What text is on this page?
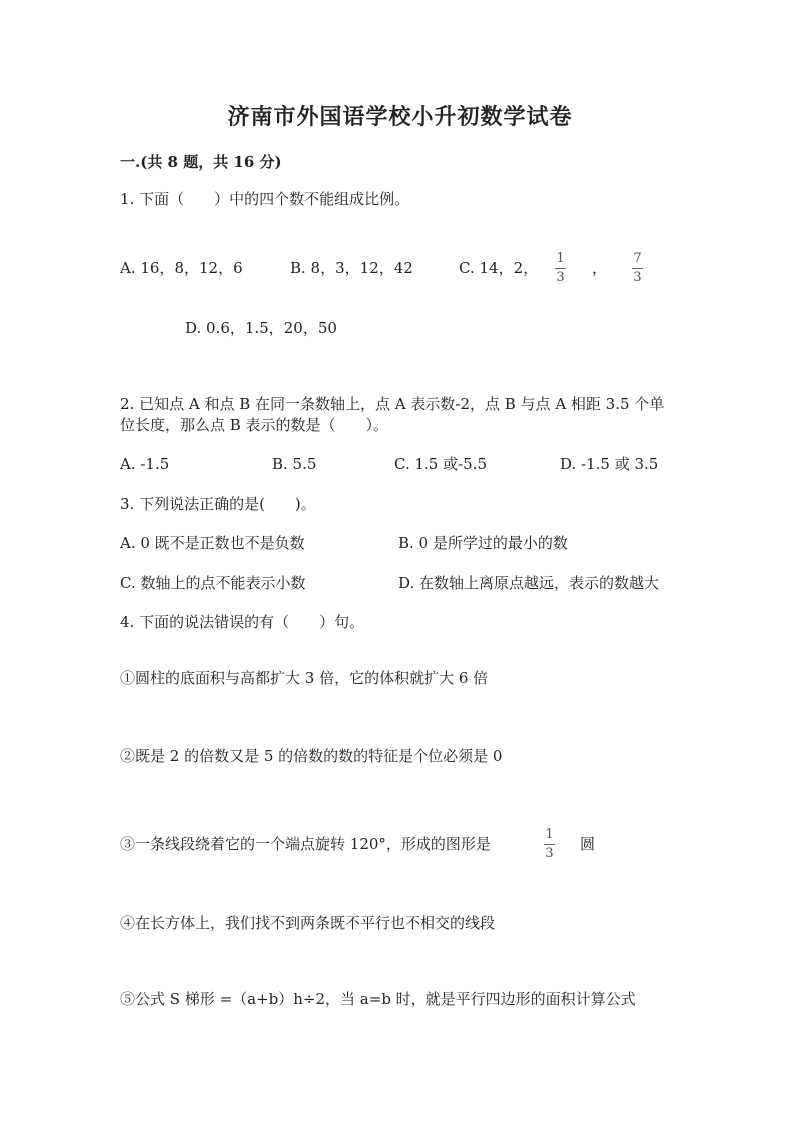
济南市外国语学校小升初数学试卷
一.(共 8 题，共 16 分)
1. 下面（　　）中的四个数不能组成比例。
A. 16，8，12，6	B. 8，3，12，42	C. 14，2，
1
3
，
7
3
D. 0.6，1.5，20，50
2. 已知点 A 和点 B 在同一条数轴上，点 A 表示数-2，点 B 与点 A 相距 3.5 个单
位长度，那么点 B 表示的数是（　　）。
A. -1.5	B. 5.5	C. 1.5 或-5.5	D. -1.5 或 3.5
3. 下列说法正确的是(　　)。
A. 0 既不是正数也不是负数	B. 0 是所学过的最小的数
C. 数轴上的点不能表示小数	D. 在数轴上离原点越远，表示的数越大
4. 下面的说法错误的有（　　）句。
①圆柱的底面积与高都扩大 3 倍，它的体积就扩大 6 倍
②既是 2 的倍数又是 5 的倍数的数的特征是个位必须是 0
③一条线段绕着它的一个端点旋转 120°，形成的图形是
1
3
圆
④在长方体上，我们找不到两条既不平行也不相交的线段
⑤公式 S 梯形 =（a+b）h÷2，当 a=b 时，就是平行四边形的面积计算公式
